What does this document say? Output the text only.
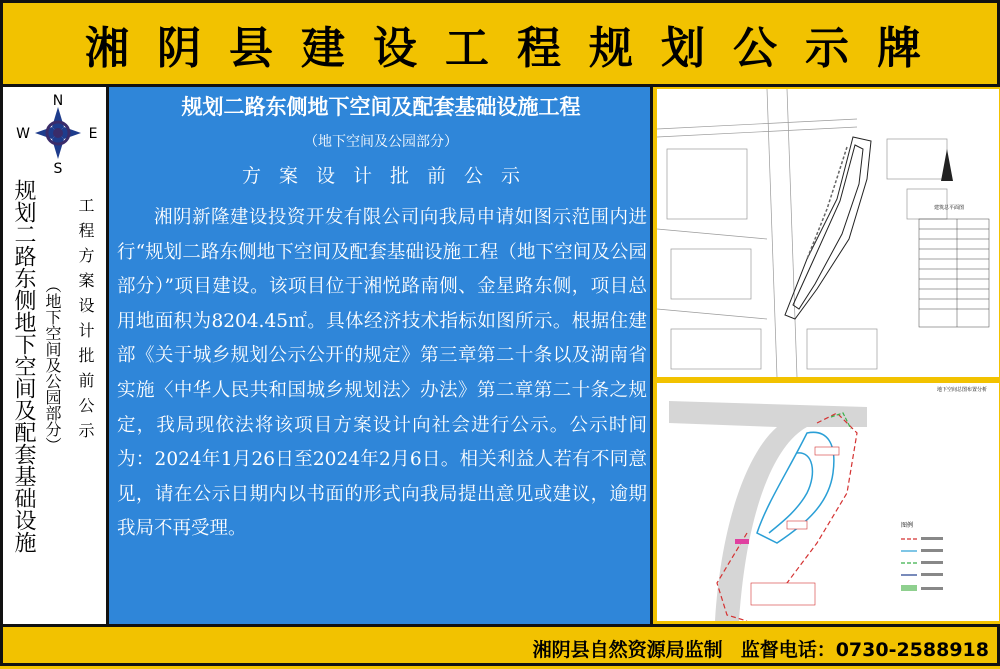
湘阴县建设工程规划公示牌
N
S
W	E
规划二路东侧地下空间及配套基础设施 （地下空间及公园部分） 工程方案设计批前公示
规划二路东侧地下空间及配套基础设施工程
（地下空间及公园部分）
方案设计批前公示
湘阴新隆建设投资开发有限公司向我局申请如图示范围内进行“规划二路东侧地下空间及配套基础设施工程（地下空间及公园部分）”项目建设。该项目位于湘悦路南侧、金星路东侧，项目总用地面积为8204.45㎡。具体经济技术指标如图所示。根据住建部《关于城乡规划公示公开的规定》第三章第二十条以及湖南省实施〈中华人民共和国城乡规划法〉办法》第二章第二十条之规定，我局现依法将该项目方案设计向社会进行公示。公示时间为：2024年1月26日至2024年2月6日。相关利益人若有不同意见，请在公示日期内以书面的形式向我局提出意见或建议，逾期我局不再受理。
建筑总平面图
地下空间总图布置分析
图例
湘阴县自然资源局监制 监督电话：0730-2588918
